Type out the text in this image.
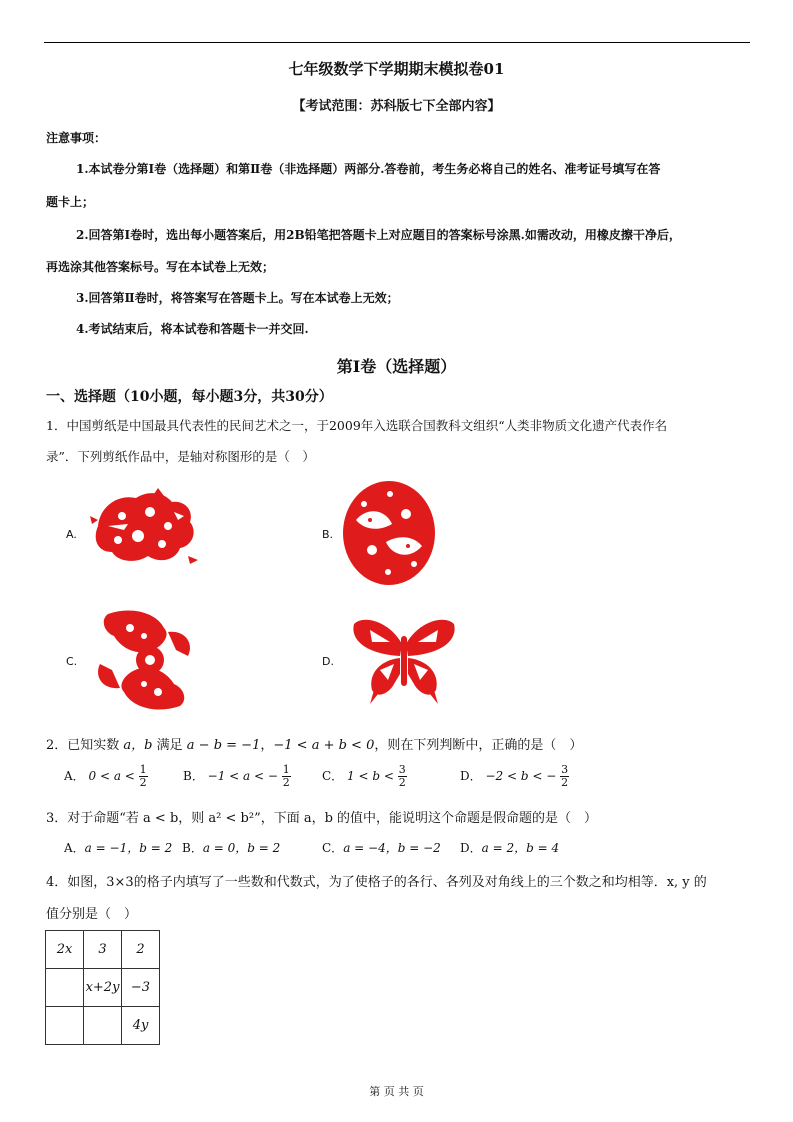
七年级数学下学期期末模拟卷01
【考试范围：苏科版七下全部内容】
注意事项：
1.本试卷分第Ⅰ卷（选择题）和第Ⅱ卷（非选择题）两部分.答卷前，考生务必将自己的姓名、准考证号填写在答
题卡上；
2.回答第Ⅰ卷时，选出每小题答案后，用2B铅笔把答题卡上对应题目的答案标号涂黑.如需改动，用橡皮擦干净后，
再选涂其他答案标号。写在本试卷上无效；
3.回答第Ⅱ卷时，将答案写在答题卡上。写在本试卷上无效；
4.考试结束后，将本试卷和答题卡一并交回.
第Ⅰ卷（选择题）
一、选择题（10小题，每小题3分，共30分）
1．中国剪纸是中国最具代表性的民间艺术之一，于2009年入选联合国教科文组织“人类非物质文化遗产代表作名
录”．下列剪纸作品中，是轴对称图形的是（　）
A.	B.
C.	D.
2．已知实数 a，b 满足 a − b = −1，−1 < a + b < 0，则在下列判断中，正确的是（　）
A． $0 < a < \frac{1}{2}$	B． −1 < a < − $\frac{1}{2}$	C． $1 < b < \frac{3}{2}$	D． −2 < b < − $\frac{3}{2}$
3．对于命题“若 a < b，则 a² < b²”，下面 a，b 的值中，能说明这个命题是假命题的是（　）
A．a = −1，b = 2 B．a = 0，b = 2	C．a = −4，b = −2 D．a = 2，b = 4
4．如图，3×3的格子内填写了一些数和代数式，为了使格子的各行、各列及对角线上的三个数之和均相等．x, y 的
值分别是（　）
2x	3	2
	x+2y	−3
		4y
第 页 共 页
